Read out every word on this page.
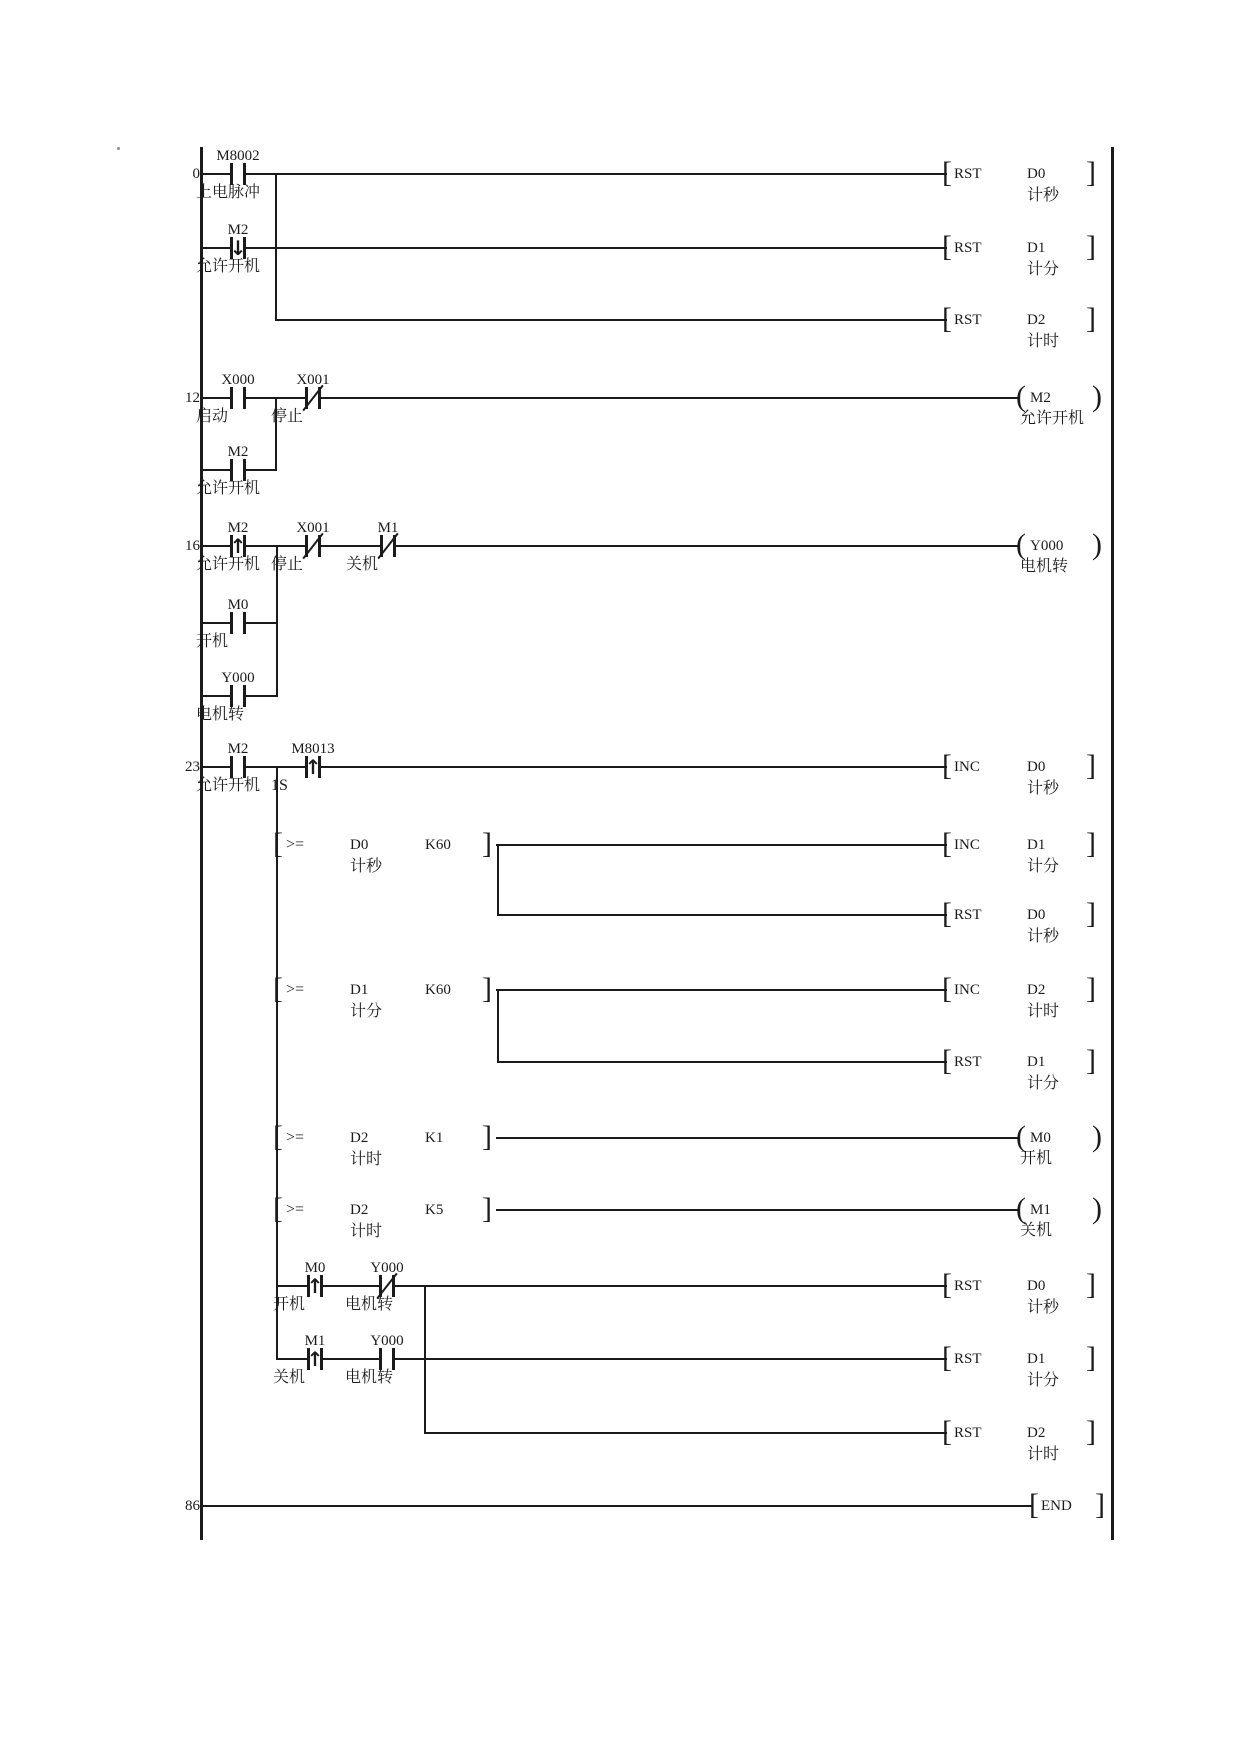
0
12
16
23
86
M8002
上电脉冲
↓
M2
允许开机
X000
启动
X001
停止
M2
允许开机
↑
M2
允许开机
X001
停止
M1
关机
M0
开机
Y000
电机转
M2
允许开机
↑
M8013
1S
↑
M0
开机
Y000
电机转
↑
M1
关机
Y000
电机转
[ >=	D0	K60 ]
计秒
[ >=	D1	K60 ]
计分
[ >=	D2	K1 ]
计时
[ >=	D2	K5 ]
计时
[ RST	D0 ]
计秒
[ RST	D1 ]
计分
[ RST	D2 ]
计时
[ INC	D0 ]
计秒
[ INC	D1 ]
计分
[ RST	D0 ]
计秒
[ INC	D2 ]
计时
[ RST	D1 ]
计分
[ RST	D0 ]
计秒
[ RST	D1 ]
计分
[ RST	D2 ]
计时
[ END ]
( M2 )
允许开机
( Y000 )
电机转
( M0 )
开机
( M1 )
关机
